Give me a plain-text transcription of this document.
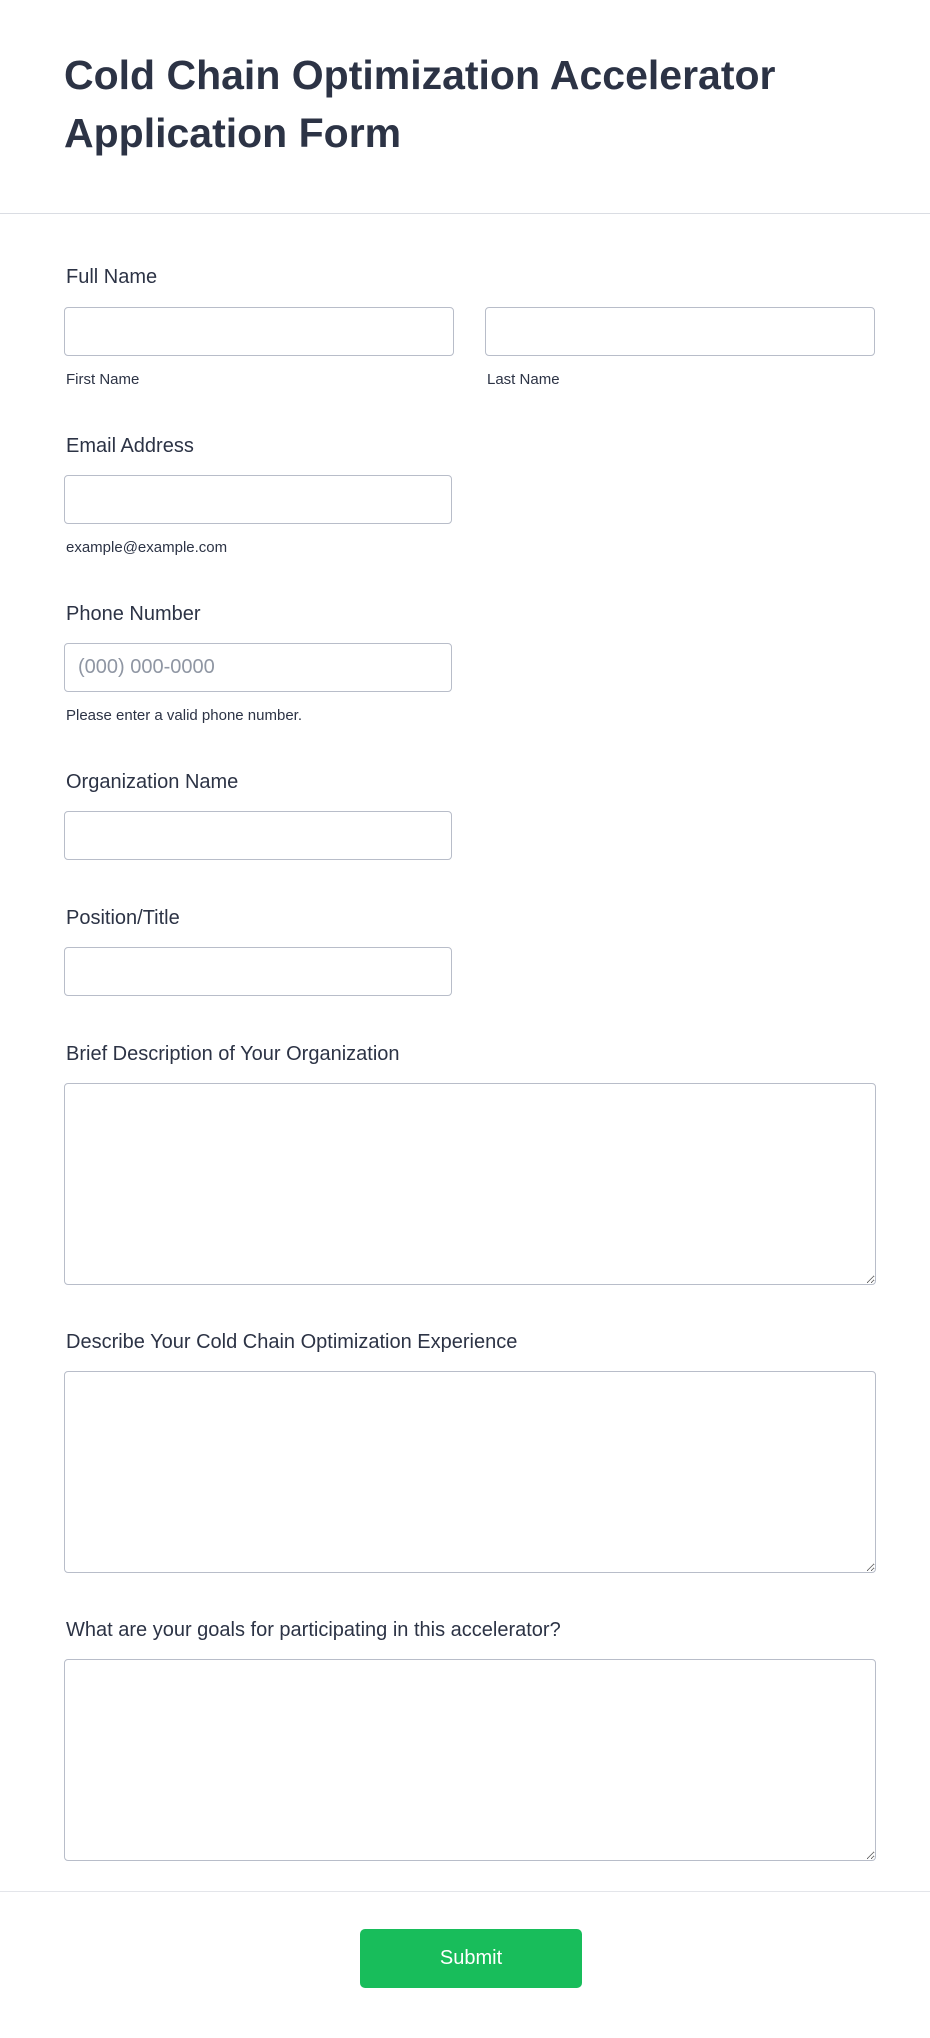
Cold Chain Optimization Accelerator Application Form
Full Name
First Name	Last Name
Email Address
example@example.com
Phone Number
(000) 000-0000
Please enter a valid phone number.
Organization Name
Position/Title
Brief Description of Your Organization
Describe Your Cold Chain Optimization Experience
What are your goals for participating in this accelerator?
Submit
